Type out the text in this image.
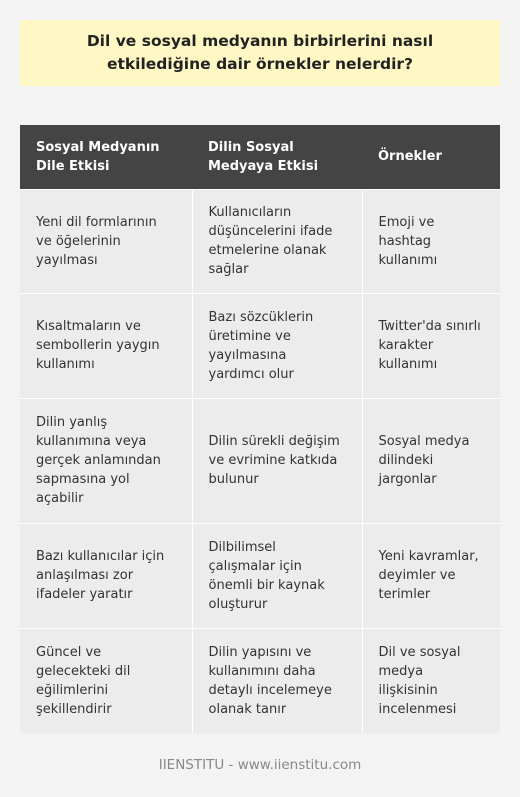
Dil ve sosyal medyanın birbirlerini nasıl etkilediğine dair örnekler nelerdir?
Sosyal Medyanın Dile Etkisi	Dilin Sosyal Medyaya Etkisi	Örnekler
Yeni dil formlarının ve öğelerinin yayılması	Kullanıcıların düşüncelerini ifade etmelerine olanak sağlar	Emoji ve hashtag kullanımı
Kısaltmaların ve sembollerin yaygın kullanımı	Bazı sözcüklerin üretimine ve yayılmasına yardımcı olur	Twitter'da sınırlı karakter kullanımı
Dilin yanlış kullanımına veya gerçek anlamından sapmasına yol açabilir	Dilin sürekli değişim ve evrimine katkıda bulunur	Sosyal medya dilindeki jargonlar
Bazı kullanıcılar için anlaşılması zor ifadeler yaratır	Dilbilimsel çalışmalar için önemli bir kaynak oluşturur	Yeni kavramlar, deyimler ve terimler
Güncel ve gelecekteki dil eğilimlerini şekillendirir	Dilin yapısını ve kullanımını daha detaylı incelemeye olanak tanır	Dil ve sosyal medya ilişkisinin incelenmesi
IIENSTITU - www.iienstitu.com
